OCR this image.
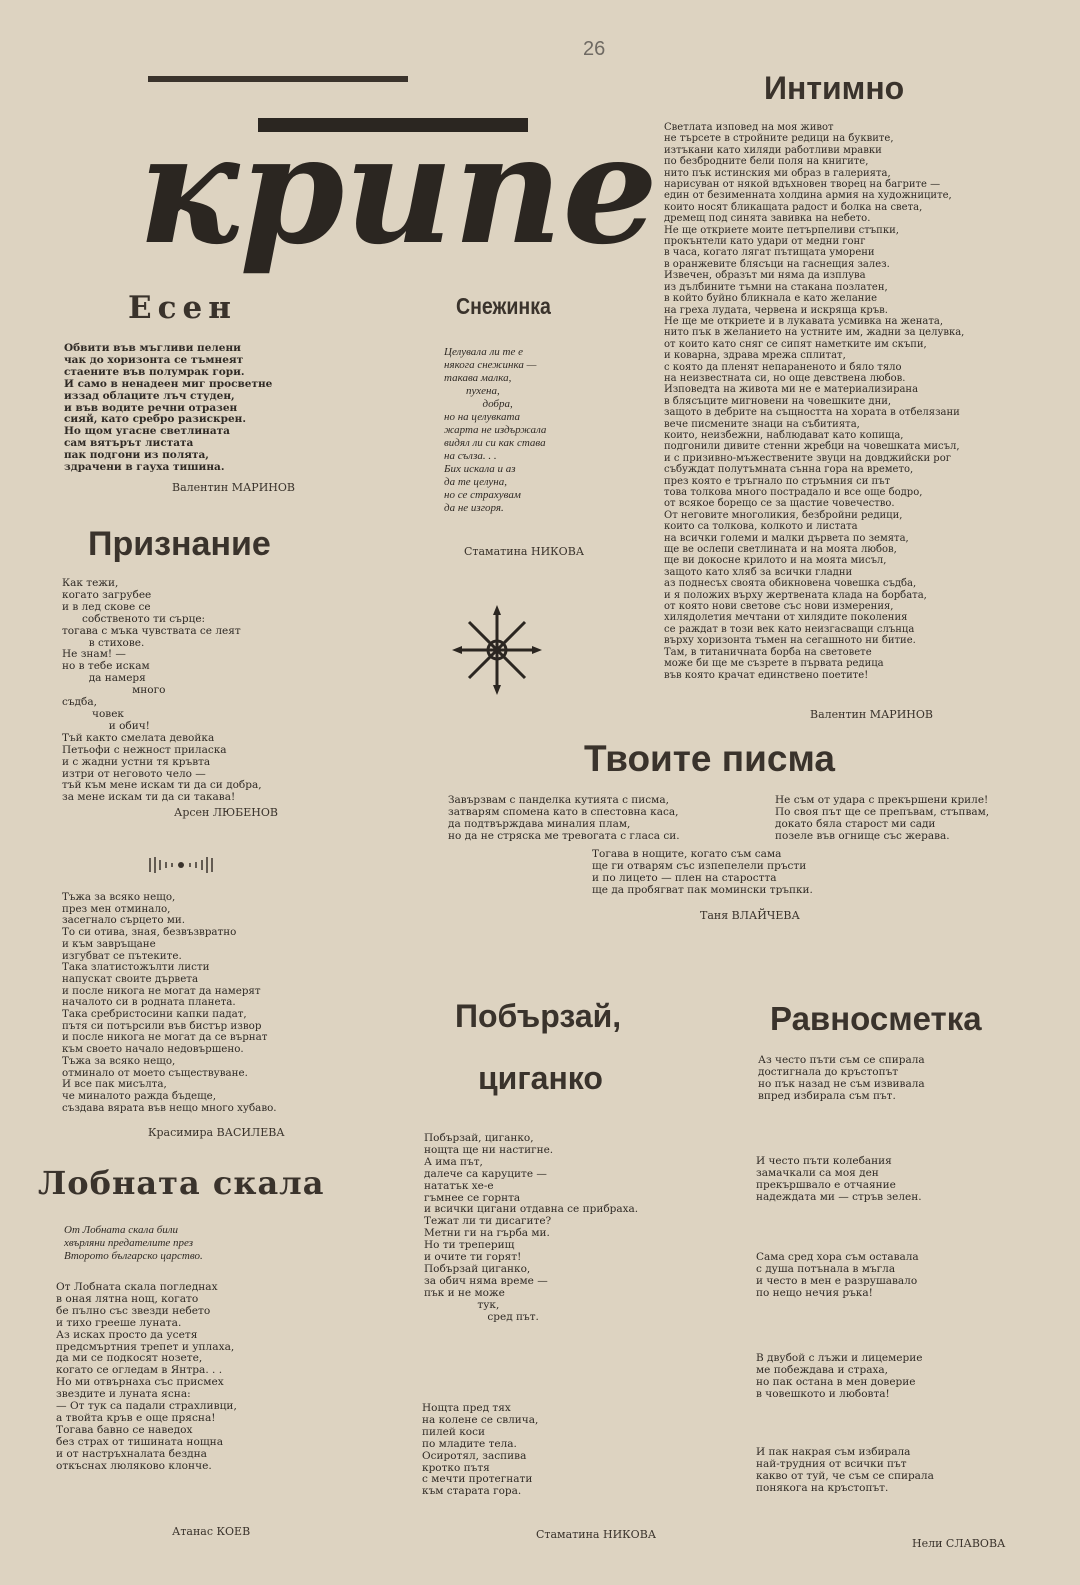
26
крипе
Есен
Обвити във мъгливи пелени
чак до хоризонта се тъмнеят
стаените във полумрак гори.
И само в ненадеен миг просветне
иззад облаците лъч студен,
и във водите речни отразен
сияй, като сребро разискрен.
Но щом угасне светлината
сам вятърът листата
пак подгони из полята,
здрачени в гауха тишина.
Валентин МАРИНОВ
Снежинка
Целувала ли те е
някога снежинка —
такава малка,
пухена,
добра,
но на целувката
жарта не издържала
видял ли си как става
на сълза. . .
Бих искала и аз
да те целуна,
но се страхувам
да не изгоря.
Стаматина НИКОВА
Интимно
Светлата изповед на моя живот
не търсете в стройните редици на буквите,
изтъкани като хиляди работливи мравки
по безбродните бели поля на книгите,
нито пък истинския ми образ в галерията,
нарисуван от някой вдъхновен творец на багрите —
един от безименната холдина армия на художниците,
които носят бликащата радост и болка на света,
дремещ под синята завивка на небето.
Не ще откриете моите петърпеливи стъпки,
прокънтели като удари от медни гонг
в часа, когато лягат пътищата уморени
в оранжевите блясъци на гаснещия залез.
Извечен, образът ми няма да изплува
из дълбините тъмни на стакана позлатен,
в който буйно бликнала е като желание
на греха лудата, червена и искряща кръв.
Не ще ме откриете и в лукавата усмивка на жената,
нито пък в желанието на устните им, жадни за целувка,
от които като сняг се сипят наметките им скъпи,
и коварна, здрава мрежа сплитат,
с която да пленят непараненото и бяло тяло
на неизвестната си, но още девствена любов.
Изповедта на живота ми не е материализирана
в блясъците мигновени на човешките дни,
защото в дебрите на същността на хората в отбелязани
вече писмените знаци на събитията,
които, неизбежни, наблюдават като копища,
подгонили дивите стенни жребци на човешката мисъл,
и с призивно-мъжествените звуци на довджийски рог
събуждат полутъмната сънна гора на времето,
през която е тръгнало по стръмния си път
това толкова много пострадало и все още бодро,
от всякое борещо се за щастие човечество.
От неговите многоликия, безбройни редици,
които са толкова, колкото и листата
на всички големи и малки дървета по земята,
ще ве ослепи светлината и на моята любов,
ще ви докосне крилото и на моята мисъл,
защото като хляб за всички гладни
аз поднесъх своята обикновена човешка съдба,
и я положих върху жертвената клада на борбата,
от която нови светове със нови измерения,
хилядолетия мечтани от хилядите поколения
се раждат в този век като неизгасващи слънца
върху хоризонта тъмен на сегашното ни битие.
Там, в титаничната борба на световете
може би ще ме съзрете в първата редица
във която крачат единствено поетите!
Валентин МАРИНОВ
Признание
Как тежи,
когато загрубее
и в лед скове се
собственото ти сърце:
тогава с мъка чувствата се лeят
в стихове.
Не знам! —
но в тебе искам
да намеря
много
съдба,
човек
и обич!
Тъй както смелата девойка
Петьофи с нежност приласка
и с жадни устни тя кръвта
изтри от неговото чело —
тъй към мене искам ти да си добра,
за мене искам ти да си такава!
Арсен ЛЮБЕНОВ
Тъжа за всяко нещо,
през мен отминало,
засегнало сърцето ми.
То си отива, зная, безвъзвратно
и към завръщане
изгубват се пътеките.
Така златистожълти листи
напускат своите дървета
и после никога не могат да намерят
началото си в родната планета.
Така сребристосини капки падат,
пътя си потърсили във бистър извор
и после никога не могат да се върнат
към своето начало недовършено.
Тъжа за всяко нещо,
отминало от моето съществуване.
И все пак мисълта,
че миналото ражда бъдеще,
създава вярата във нещо много хубаво.
Красимира ВАСИЛЕВА
Твоите писма
Завързвам с панделка кутията с писма,
затварям спомена като в спестовна каса,
да подтвърждава миналия плам,
но да не стряска ме тревогата с гласа си.
Не съм от удара с прекършени криле!
По своя път ще се препъвам, стъпвам,
докато бяла старост ми сади
позеле във огнище със жерава.
Тогава в нощите, когато съм сама
ще ги отварям със изпепелели пръсти
и по лицето — плен на старостта
ще да пробягват пак момински тръпки.
Таня ВЛАЙЧЕВА
Побързай,
циганко
Побързай, циганко,
нощта ще ни настигне.
А има път,
далече са каруците —
нататък хе-е
гъмнее се горнта
и всички цигани отдавна се прибраха.
Тежат ли ти дисагите?
Метни ги на гърба ми.
Но ти треперищ
и очите ти горят!
Побързай циганко,
за обич няма време —
пък и не може
тук,
сред път.
Нощта пред тях
на колене се свлича,
пилей коси
по младите тела.
Осиротял, заспива
кротко пътя
с мечти протегнати
към старата гора.
Стаматина НИКОВА
Равносметка
Аз често пъти съм се спирала
достигнала до кръстопът
но пък назад не съм извивала
впред избирала съм път.
И често пъти колебания
замачкали са моя ден
прекършвало е отчаяние
надеждата ми — стръв зелен.
Сама сред хора съм оставала
с душа потънала в мъгла
и често в мен е разрушавало
по нещо нечия ръка!
В двубой с лъжи и лицемерие
ме побеждава и страха,
но пак остана в мен доверие
в човешкото и любовта!
И пак накрая съм избирала
най-трудния от всички път
какво от туй, че съм се спирала
понякога на кръстопът.
Нели СЛАВОВА
Лобната скала
От Лобната скала били
хвърляни предателите през
Второто българско царство.
От Лобната скала погледнах
в оная лятна нощ, когато
бе пълно със звезди небето
и тихо грееше луната.
Аз исках просто да усетя
предсмъртния трепет и уплаха,
да ми се подкосят нозете,
когато се огледам в Янтра. . .
Но ми отвърнаха със присмех
звездите и луната ясна:
— От тук са падали страхливци,
а твойта кръв е още прясна!
Тогава бавно се наведох
без страх от тишината нощна
и от настръхналата бездна
откъснах люляково клонче.
Атанас КОЕВ
